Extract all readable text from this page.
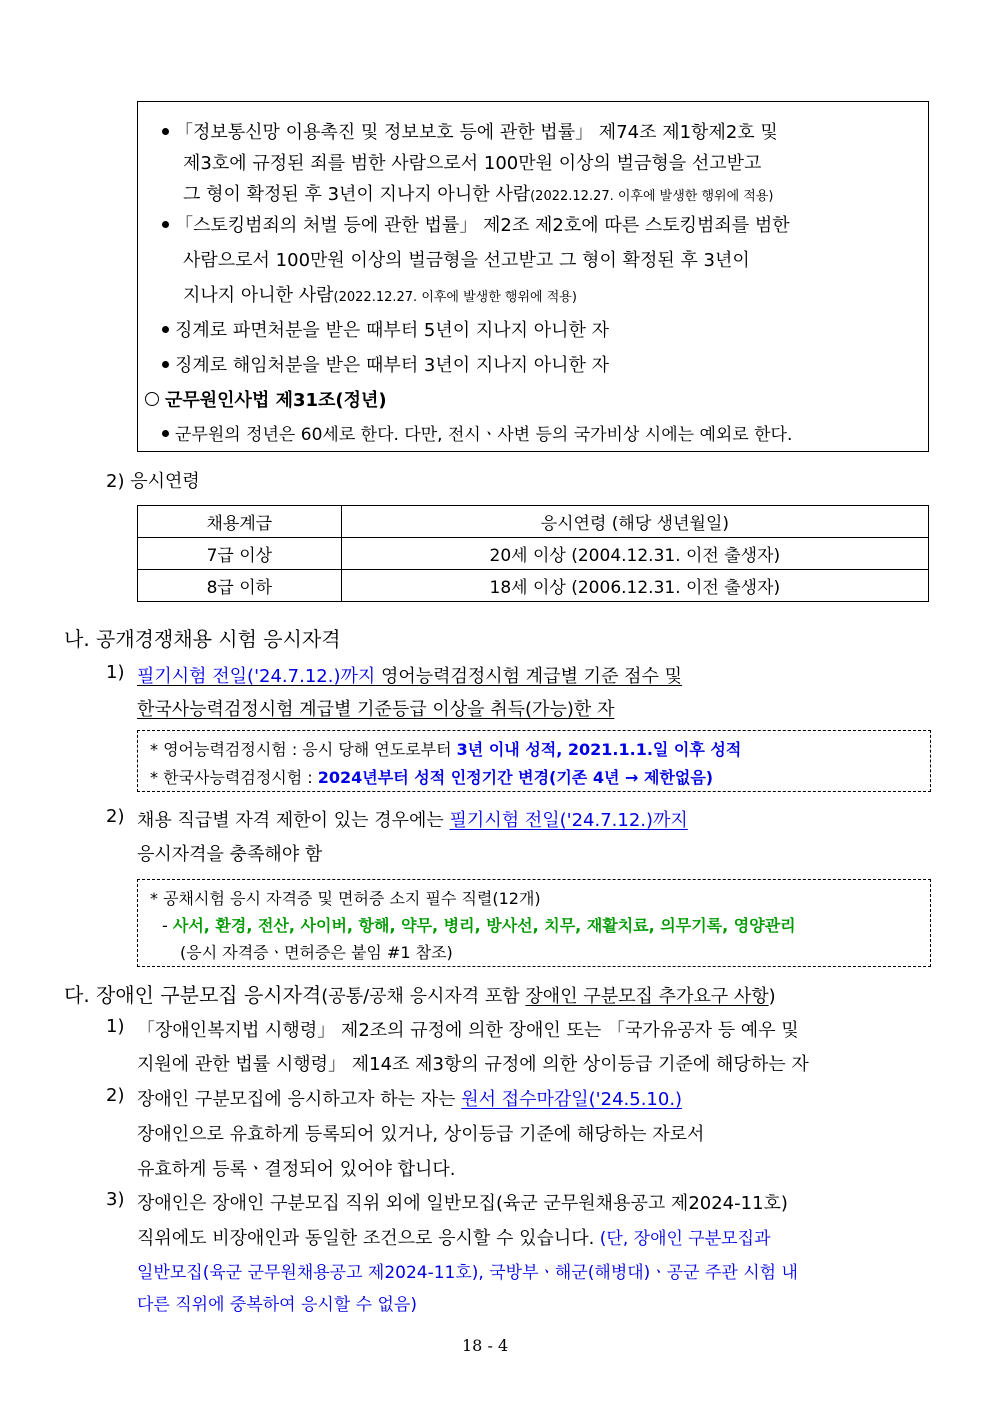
「정보통신망 이용촉진 및 정보보호 등에 관한 법률」 제74조 제1항제2호 및
제3호에 규정된 죄를 범한 사람으로서 100만원 이상의 벌금형을 선고받고
그 형이 확정된 후 3년이 지나지 아니한 사람(2022.12.27. 이후에 발생한 행위에 적용)
「스토킹범죄의 처벌 등에 관한 법률」 제2조 제2호에 따른 스토킹범죄를 범한
사람으로서 100만원 이상의 벌금형을 선고받고 그 형이 확정된 후 3년이
지나지 아니한 사람(2022.12.27. 이후에 발생한 행위에 적용)
징계로 파면처분을 받은 때부터 5년이 지나지 아니한 자
징계로 해임처분을 받은 때부터 3년이 지나지 아니한 자
군무원인사법 제31조(정년)
군무원의 정년은 60세로 한다. 다만, 전시ㆍ사변 등의 국가비상 시에는 예외로 한다.
2) 응시연령
채용계급	응시연령 (해당 생년월일)
7급 이상	20세 이상 (2004.12.31. 이전 출생자)
8급 이하	18세 이상 (2006.12.31. 이전 출생자)
나. 공개경쟁채용 시험 응시자격
1) 필기시험 전일('24.7.12.)까지 영어능력검정시험 계급별 기준 점수 및
한국사능력검정시험 계급별 기준등급 이상을 취득(가능)한 자
* 영어능력검정시험 : 응시 당해 연도로부터 3년 이내 성적, 2021.1.1.일 이후 성적
* 한국사능력검정시험 : 2024년부터 성적 인정기간 변경(기존 4년 → 제한없음)
2) 채용 직급별 자격 제한이 있는 경우에는 필기시험 전일('24.7.12.)까지
응시자격을 충족해야 함
* 공채시험 응시 자격증 및 면허증 소지 필수 직렬(12개)
- 사서, 환경, 전산, 사이버, 항해, 약무, 병리, 방사선, 치무, 재활치료, 의무기록, 영양관리
(응시 자격증ㆍ면허증은 붙임 #1 참조)
다. 장애인 구분모집 응시자격(공통/공채 응시자격 포함 장애인 구분모집 추가요구 사항)
1) 「장애인복지법 시행령」 제2조의 규정에 의한 장애인 또는 「국가유공자 등 예우 및
지원에 관한 법률 시행령」 제14조 제3항의 규정에 의한 상이등급 기준에 해당하는 자
2) 장애인 구분모집에 응시하고자 하는 자는 원서 접수마감일('24.5.10.)
장애인으로 유효하게 등록되어 있거나, 상이등급 기준에 해당하는 자로서
유효하게 등록ㆍ결정되어 있어야 합니다.
3) 장애인은 장애인 구분모집 직위 외에 일반모집(육군 군무원채용공고 제2024-11호)
직위에도 비장애인과 동일한 조건으로 응시할 수 있습니다. (단, 장애인 구분모집과
일반모집(육군 군무원채용공고 제2024-11호), 국방부ㆍ해군(해병대)ㆍ공군 주관 시험 내
다른 직위에 중복하여 응시할 수 없음)
18 - 4
